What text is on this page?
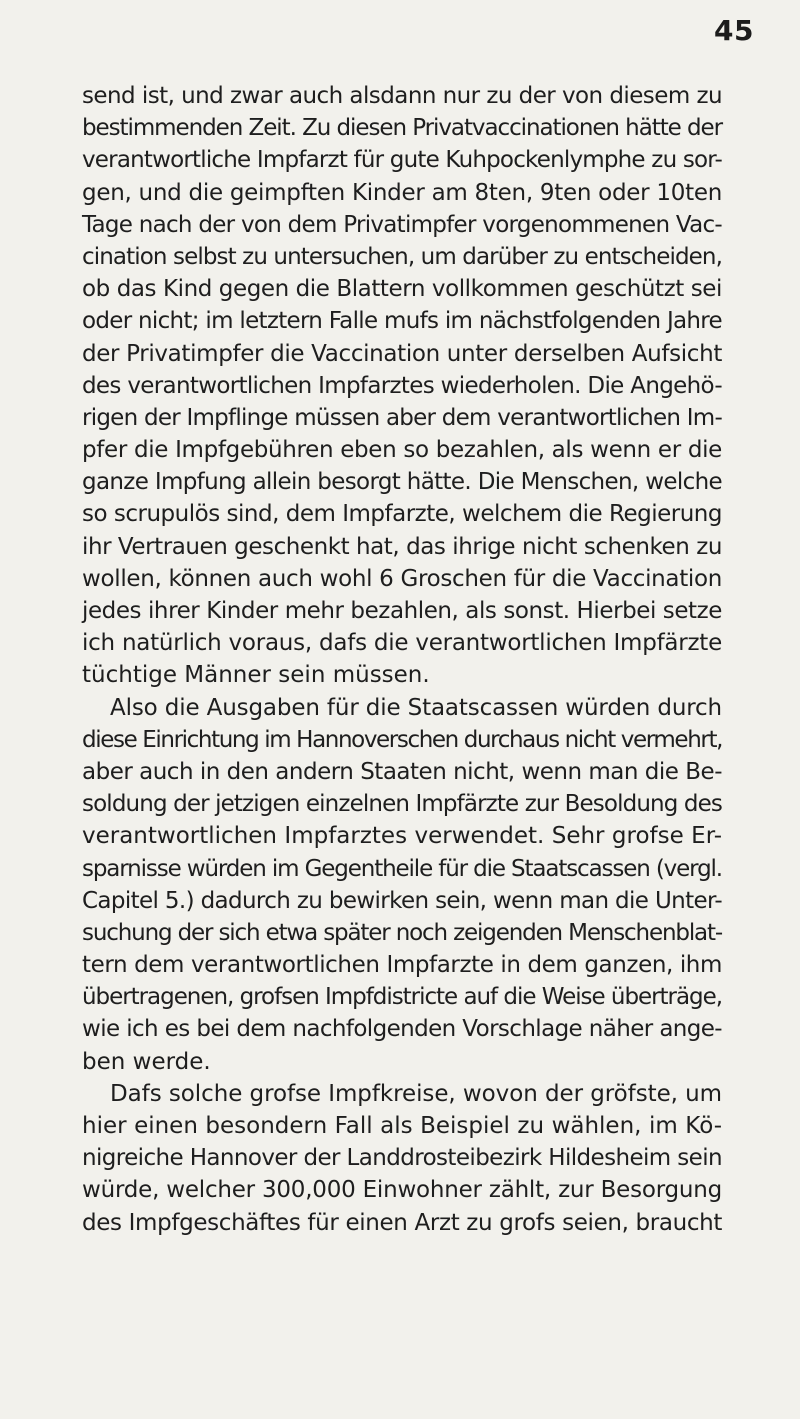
45
send ist, und zwar auch alsdann nur zu der von diesem zu
bestimmenden Zeit. Zu diesen Privatvaccinationen hätte der
verantwortliche Impfarzt für gute Kuhpockenlymphe zu sor-
gen, und die geimpften Kinder am 8ten, 9ten oder 10ten
Tage nach der von dem Privatimpfer vorgenommenen Vac-
cination selbst zu untersuchen, um darüber zu entscheiden,
ob das Kind gegen die Blattern vollkommen geschützt sei
oder nicht; im letztern Falle mufs im nächstfolgenden Jahre
der Privatimpfer die Vaccination unter derselben Aufsicht
des verantwortlichen Impfarztes wiederholen. Die Angehö-
rigen der Impflinge müssen aber dem verantwortlichen Im-
pfer die Impfgebühren eben so bezahlen, als wenn er die
ganze Impfung allein besorgt hätte. Die Menschen, welche
so scrupulös sind, dem Impfarzte, welchem die Regierung
ihr Vertrauen geschenkt hat, das ihrige nicht schenken zu
wollen, können auch wohl 6 Groschen für die Vaccination
jedes ihrer Kinder mehr bezahlen, als sonst. Hierbei setze
ich natürlich voraus, dafs die verantwortlichen Impfärzte
tüchtige Männer sein müssen.
Also die Ausgaben für die Staatscassen würden durch
diese Einrichtung im Hannoverschen durchaus nicht vermehrt,
aber auch in den andern Staaten nicht, wenn man die Be-
soldung der jetzigen einzelnen Impfärzte zur Besoldung des
verantwortlichen Impfarztes verwendet. Sehr grofse Er-
sparnisse würden im Gegentheile für die Staatscassen (vergl.
Capitel 5.) dadurch zu bewirken sein, wenn man die Unter-
suchung der sich etwa später noch zeigenden Menschenblat-
tern dem verantwortlichen Impfarzte in dem ganzen, ihm
übertragenen, grofsen Impfdistricte auf die Weise überträge,
wie ich es bei dem nachfolgenden Vorschlage näher ange-
ben werde.
Dafs solche grofse Impfkreise, wovon der gröfste, um
hier einen besondern Fall als Beispiel zu wählen, im Kö-
nigreiche Hannover der Landdrosteibezirk Hildesheim sein
würde, welcher 300,000 Einwohner zählt, zur Besorgung
des Impfgeschäftes für einen Arzt zu grofs seien, braucht
